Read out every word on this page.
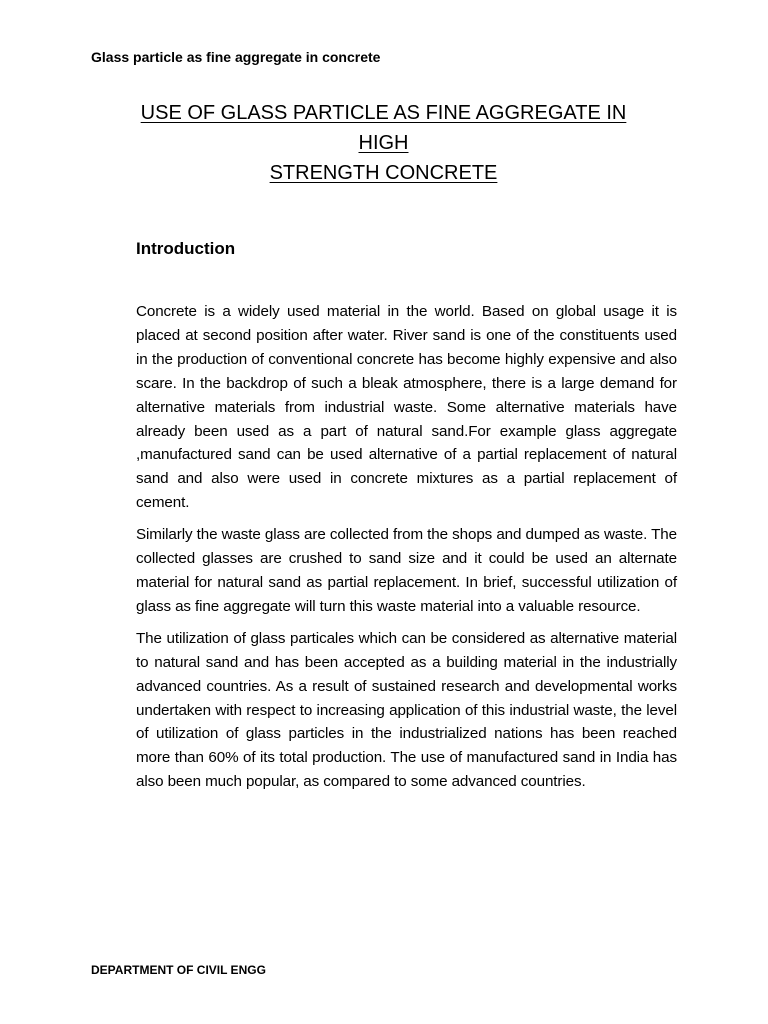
Glass particle as fine aggregate in concrete
USE OF GLASS PARTICLE AS FINE AGGREGATE IN HIGH
STRENGTH CONCRETE
Introduction

Concrete is a widely used material in the world. Based on global usage it is placed at second position after water. River sand is one of the constituents used in the production of conventional concrete has become highly expensive and also scare. In the backdrop of such a bleak atmosphere, there is a large demand for alternative materials from industrial waste. Some alternative materials have already been used as a part of natural sand.For example glass aggregate ,manufactured sand can be used alternative of a partial replacement of natural sand and also were used in concrete mixtures as a partial replacement of cement.

Similarly the waste glass are collected from the shops and dumped as waste. The collected glasses are crushed to sand size and it could be used an alternate material for natural sand as partial replacement. In brief, successful utilization of glass as fine aggregate will turn this waste material into a valuable resource.

The utilization of glass particales which can be considered as alternative material to natural sand and has been accepted as a building material in the industrially advanced countries. As a result of sustained research and developmental works undertaken with respect to increasing application of this industrial waste, the level of utilization of glass particles in the industrialized nations has been reached more than 60% of its total production. The use of manufactured sand in India has also been much popular, as compared to some advanced countries.

DEPARTMENT OF CIVIL ENGG
